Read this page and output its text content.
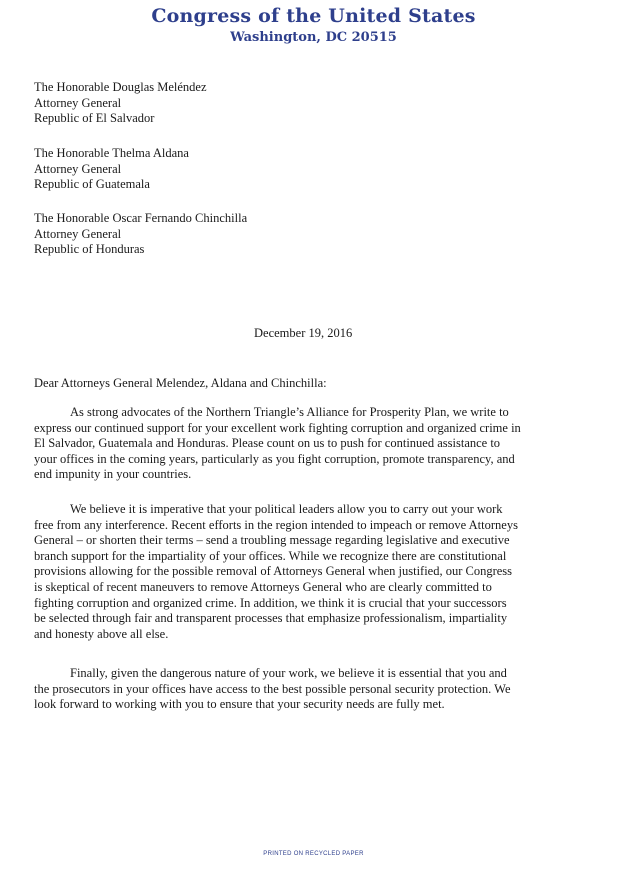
Congress of the United States
Washington, DC 20515
The Honorable Douglas Meléndez
Attorney General
Republic of El Salvador
The Honorable Thelma Aldana
Attorney General
Republic of Guatemala
The Honorable Oscar Fernando Chinchilla
Attorney General
Republic of Honduras
December 19, 2016
Dear Attorneys General Melendez, Aldana and Chinchilla:
As strong advocates of the Northern Triangle’s Alliance for Prosperity Plan, we write to
express our continued support for your excellent work fighting corruption and organized crime in
El Salvador, Guatemala and Honduras. Please count on us to push for continued assistance to
your offices in the coming years, particularly as you fight corruption, promote transparency, and
end impunity in your countries.
We believe it is imperative that your political leaders allow you to carry out your work
free from any interference. Recent efforts in the region intended to impeach or remove Attorneys
General – or shorten their terms – send a troubling message regarding legislative and executive
branch support for the impartiality of your offices. While we recognize there are constitutional
provisions allowing for the possible removal of Attorneys General when justified, our Congress
is skeptical of recent maneuvers to remove Attorneys General who are clearly committed to
fighting corruption and organized crime. In addition, we think it is crucial that your successors
be selected through fair and transparent processes that emphasize professionalism, impartiality
and honesty above all else.
Finally, given the dangerous nature of your work, we believe it is essential that you and
the prosecutors in your offices have access to the best possible personal security protection. We
look forward to working with you to ensure that your security needs are fully met.
PRINTED ON RECYCLED PAPER
